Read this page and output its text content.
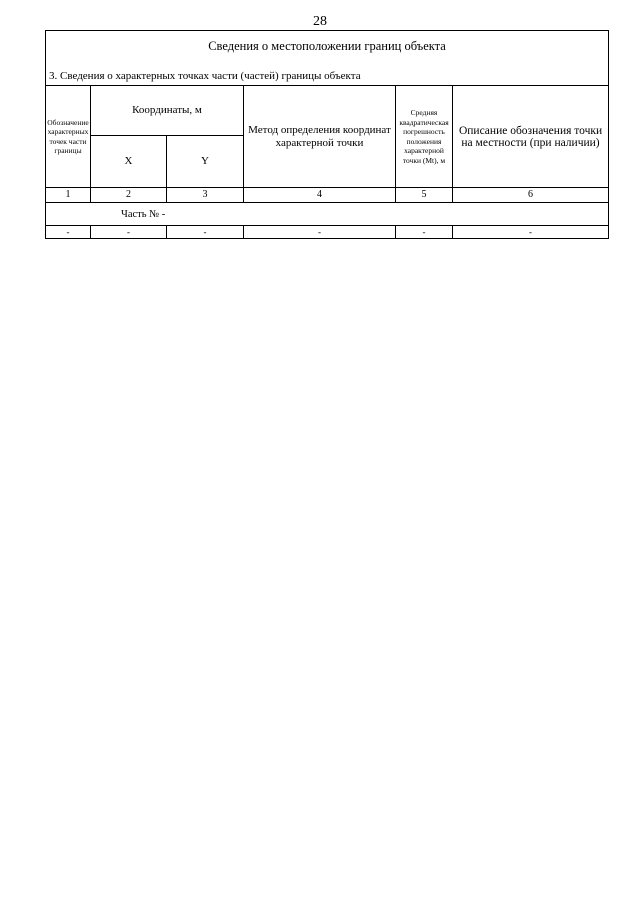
28
Сведения о местоположении границ объекта
3. Сведения о характерных точках части (частей) границы объекта					

Обозначение характерных точек части границы	Координаты, м		Метод определения координат характерной точки	Средняя квадратическая погрешность положения характерной точки (Mt), м	Описание обозначения точки на местности (при наличии)
	X	Y			
1	2	3	4	5	6
Часть № -					
-	-	-	-	-	-
